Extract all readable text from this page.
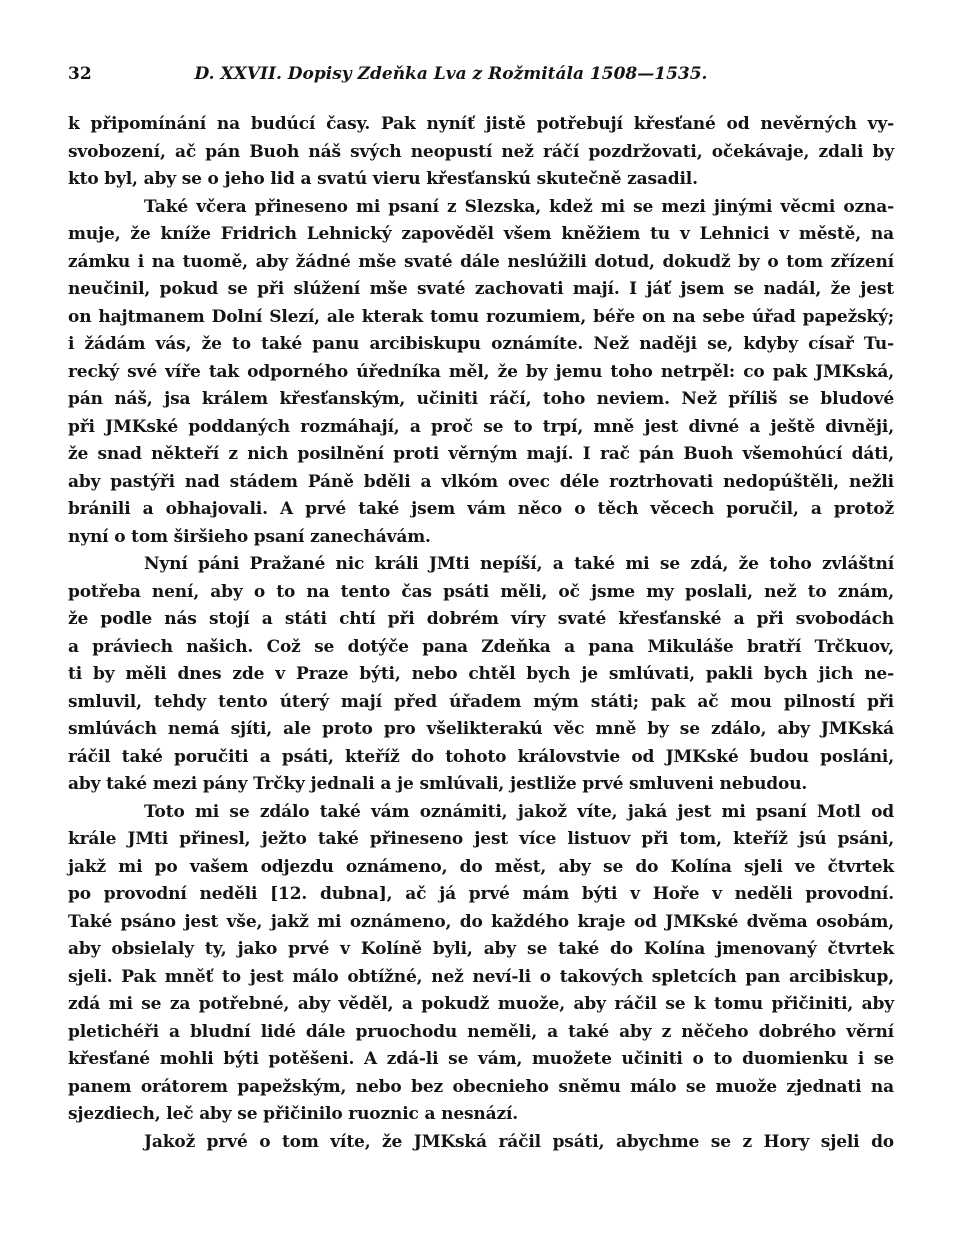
32	D. XXVII. Dopisy Zdeňka Lva z Rožmitála 1508—1535.
k připomínání na budúcí časy. Pak nyníť jistě potřebují křesťané od nevěrných vy-
svobození, ač pán Buoh náš svých neopustí než ráčí pozdržovati, očekávaje, zdali by
kto byl, aby se o jeho lid a svatú vieru křesťanskú skutečně zasadil.
Také včera přineseno mi psaní z Slezska, kdež mi se mezi jinými věcmi ozna-
muje, že kníže Fridrich Lehnický zapověděl všem kněžiem tu v Lehnici v městě, na
zámku i na tuomě, aby žádné mše svaté dále neslúžili dotud, dokudž by o tom zřízení
neučinil, pokud se při slúžení mše svaté zachovati mají. I jáť jsem se nadál, že jest
on hajtmanem Dolní Slezí, ale kterak tomu rozumiem, béře on na sebe úřad papežský;
i žádám vás, že to také panu arcibiskupu oznámíte. Než naději se, kdyby císař Tu-
recký své víře tak odporného úředníka měl, že by jemu toho netrpěl: co pak JMKská,
pán náš, jsa králem křesťanským, učiniti ráčí, toho neviem. Než příliš se bludové
při JMKské poddaných rozmáhají, a proč se to trpí, mně jest divné a ještě divněji,
že snad někteří z nich posilnění proti věrným mají. I rač pán Buoh všemohúcí dáti,
aby pastýři nad stádem Páně bděli a vlkóm ovec déle roztrhovati nedopúštěli, nežli
bránili a obhajovali. A prvé také jsem vám něco o těch věcech poručil, a protož
nyní o tom širšieho psaní zanechávám.
Nyní páni Pražané nic králi JMti nepíší, a také mi se zdá, že toho zvláštní
potřeba není, aby o to na tento čas psáti měli, oč jsme my poslali, než to znám,
že podle nás stojí a státi chtí při dobrém víry svaté křesťanské a při svobodách
a práviech našich. Což se dotýče pana Zdeňka a pana Mikuláše bratří Trčkuov,
ti by měli dnes zde v Praze býti, nebo chtěl bych je smlúvati, pakli bych jich ne-
smluvil, tehdy tento úterý mají před úřadem mým státi; pak ač mou pilností při
smlúvách nemá sjíti, ale proto pro všelikterakú věc mně by se zdálo, aby JMKská
ráčil také poručiti a psáti, kteříž do tohoto královstvie od JMKské budou posláni,
aby také mezi pány Trčky jednali a je smlúvali, jestliže prvé smluveni nebudou.
Toto mi se zdálo také vám oznámiti, jakož víte, jaká jest mi psaní Motl od
krále JMti přinesl, ježto také přineseno jest více listuov při tom, kteříž jsú psáni,
jakž mi po vašem odjezdu oznámeno, do měst, aby se do Kolína sjeli ve čtvrtek
po provodní neděli [12. dubna], ač já prvé mám býti v Hoře v neděli provodní.
Také psáno jest vše, jakž mi oznámeno, do každého kraje od JMKské dvěma osobám,
aby obsielaly ty, jako prvé v Kolíně byli, aby se také do Kolína jmenovaný čtvrtek
sjeli. Pak mněť to jest málo obtížné, než neví-li o takových spletcích pan arcibiskup,
zdá mi se za potřebné, aby věděl, a pokudž muože, aby ráčil se k tomu přičiniti, aby
pletichéři a bludní lidé dále pruochodu neměli, a také aby z něčeho dobrého věrní
křesťané mohli býti potěšeni. A zdá-li se vám, muožete učiniti o to duomienku i se
panem orátorem papežským, nebo bez obecnieho sněmu málo se muože zjednati na
sjezdiech, leč aby se přičinilo ruoznic a nesnází.
Jakož prvé o tom víte, že JMKská ráčil psáti, abychme se z Hory sjeli do
